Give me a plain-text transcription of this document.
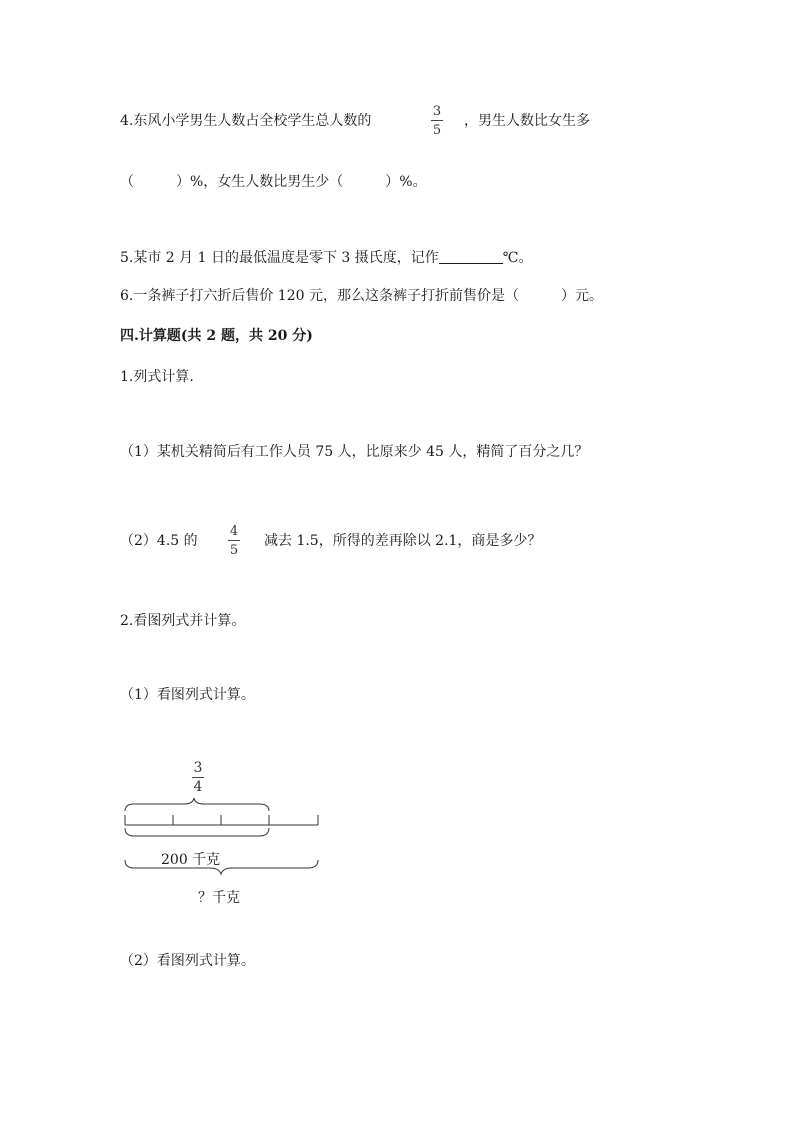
4.东风小学男生人数占全校学生总人数的
3
5
，男生人数比女生多
（　　　）%，女生人数比男生少（　　　）%。
5.某市 2 月 1 日的最低温度是零下 3 摄氏度，记作	℃。
6.一条裤子打六折后售价 120 元，那么这条裤子打折前售价是（　　　）元。
四.计算题(共 2 题，共 20 分)
1.列式计算.
（1）某机关精简后有工作人员 75 人，比原来少 45 人，精简了百分之几？
（2）4.5 的
4
5
减去 1.5，所得的差再除以 2.1，商是多少？
2.看图列式并计算。
（1）看图列式计算。
3
4
200 千克
？千克
（2）看图列式计算。
